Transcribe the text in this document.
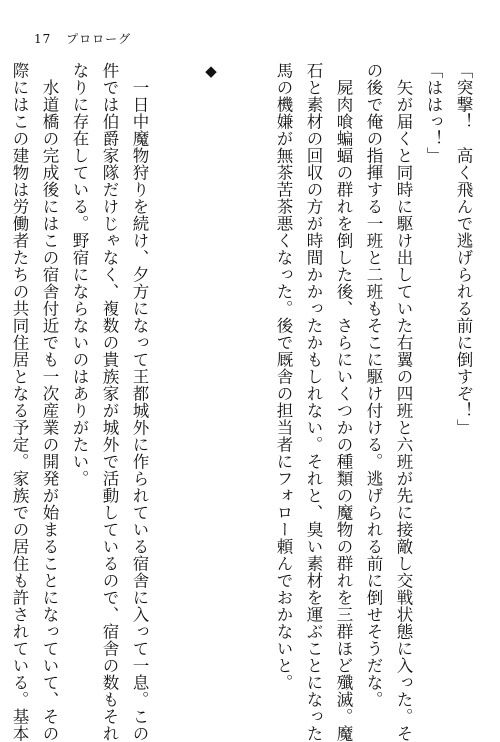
17 プロローグ
「突撃！　高く飛んで逃げられる前に倒すぞ！」
「ははっ！」
　矢が届くと同時に駆け出していた右翼の四班と六班が先に接敵し交戦状態に入った。そ
の後で俺の指揮する一班と二班もそこに駆け付ける。逃げられる前に倒せそうだな。
　屍肉喰蝙蝠の群れを倒した後、さらにいくつかの種類の魔物の群れを三群ほど殲滅。魔
石と素材の回収の方が時間かかったかもしれない。それと、臭い素材を運ぶことになった
馬の機嫌が無茶苦茶悪くなった。後で厩舎の担当者にフォロー頼んでおかないと。
◆
　一日中魔物狩りを続け、夕方になって王都城外に作られている宿舎に入って一息。この
件では伯爵家隊だけじゃなく、複数の貴族家が城外で活動しているので、宿舎の数もそれ
なりに存在している。野宿にならないのはありがたい。
　水道橋の完成後にはこの宿舎付近でも一次産業の開発が始まることになっていて、その
際にはこの建物は労働者たちの共同住居となる予定。家族での居住も許されている。基本
